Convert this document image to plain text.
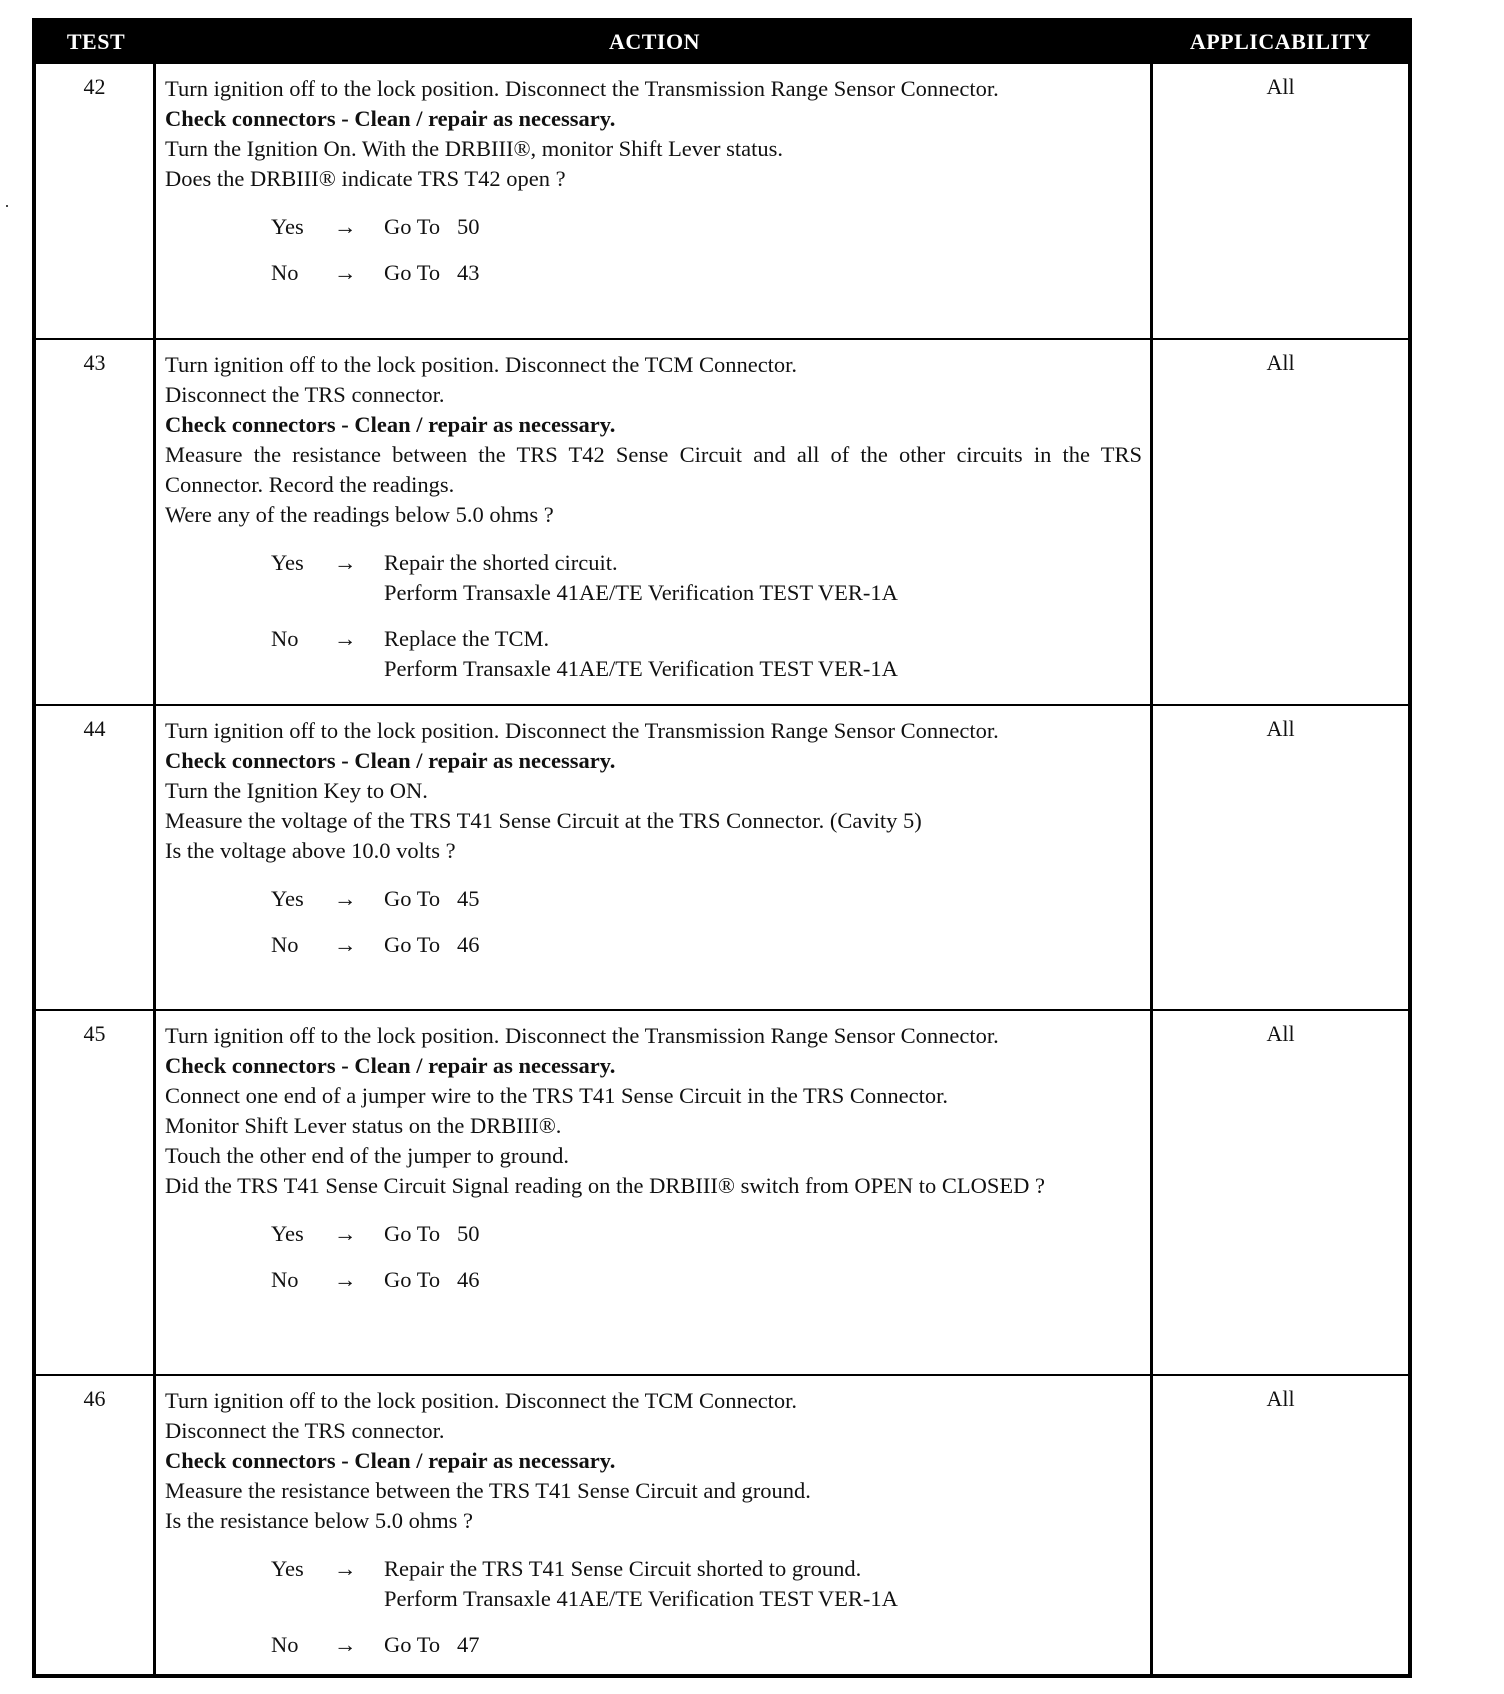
TEST	ACTION	APPLICABILITY
42	Turn ignition off to the lock position. Disconnect the Transmission Range Sensor Connector.
Check connectors - Clean / repair as necessary.
Turn the Ignition On. With the DRBIII®, monitor Shift Lever status.
Does the DRBIII® indicate TRS T42 open ?
Yes	→	Go To   50
No	→	Go To   43
All
43	Turn ignition off to the lock position. Disconnect the TCM Connector.
Disconnect the TRS connector.
Check connectors - Clean / repair as necessary.
Measure the resistance between the TRS T42 Sense Circuit and all of the other circuits in the TRS Connector. Record the readings.
Were any of the readings below 5.0 ohms ?
Yes	→	Repair the shorted circuit.
Perform Transaxle 41AE/TE Verification TEST VER-1A
No	→	Replace the TCM.
Perform Transaxle 41AE/TE Verification TEST VER-1A
All
44	Turn ignition off to the lock position. Disconnect the Transmission Range Sensor Connector.
Check connectors - Clean / repair as necessary.
Turn the Ignition Key to ON.
Measure the voltage of the TRS T41 Sense Circuit at the TRS Connector. (Cavity 5)
Is the voltage above 10.0 volts ?
Yes	→	Go To   45
No	→	Go To   46
All
45	Turn ignition off to the lock position. Disconnect the Transmission Range Sensor Connector.
Check connectors - Clean / repair as necessary.
Connect one end of a jumper wire to the TRS T41 Sense Circuit in the TRS Connector.
Monitor Shift Lever status on the DRBIII®.
Touch the other end of the jumper to ground.
Did the TRS T41 Sense Circuit Signal reading on the DRBIII® switch from OPEN to CLOSED ?
Yes	→	Go To   50
No	→	Go To   46
All
46	Turn ignition off to the lock position. Disconnect the TCM Connector.
Disconnect the TRS connector.
Check connectors - Clean / repair as necessary.
Measure the resistance between the TRS T41 Sense Circuit and ground.
Is the resistance below 5.0 ohms ?
Yes	→	Repair the TRS T41 Sense Circuit shorted to ground.
Perform Transaxle 41AE/TE Verification TEST VER-1A
No	→	Go To   47
All
